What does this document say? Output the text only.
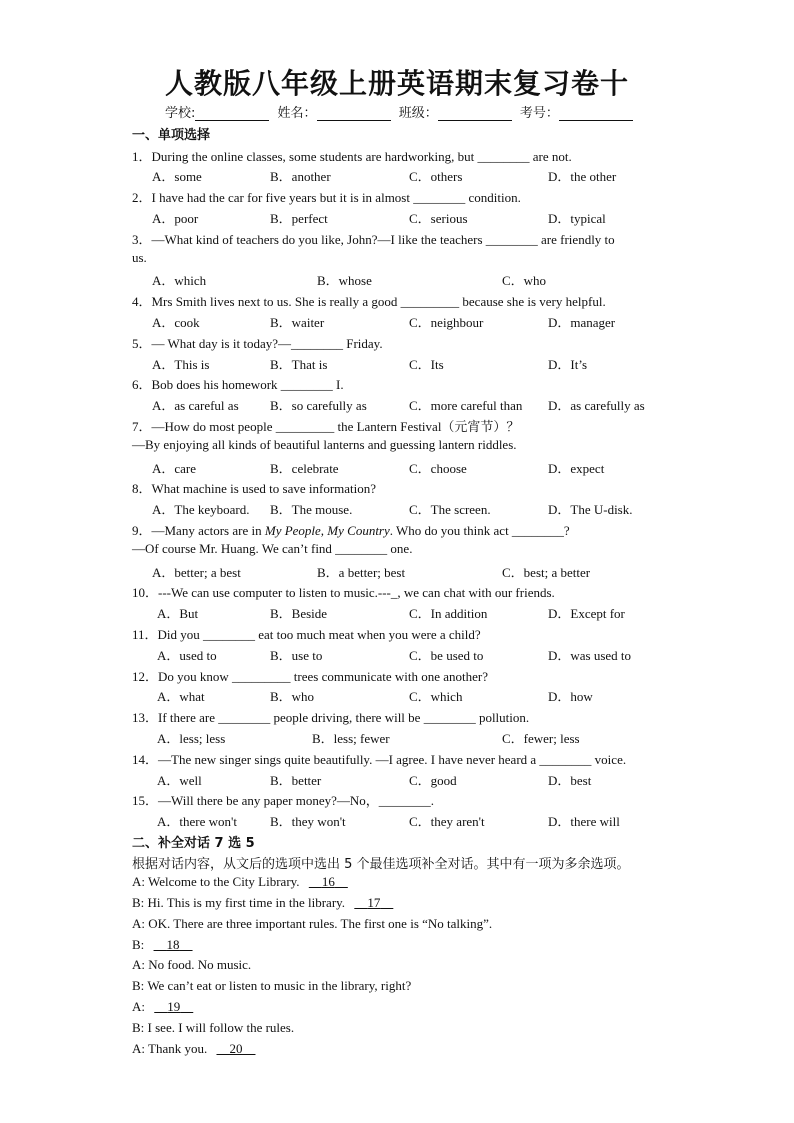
人教版八年级上册英语期末复习卷十
学校:	姓名：	班级：	考号：
一、单项选择
1．During the online classes, some students are hardworking, but ________ are not.
A．some	B．another	C．others	D．the other
2．I have had the car for five years but it is in almost ________ condition.
A．poor	B．perfect	C．serious	D．typical
3．—What kind of teachers do you like, John?—I like the teachers ________ are friendly to
us.
A．which	B．whose	C．who
4．Mrs Smith lives next to us. She is really a good _________ because she is very helpful.
A．cook	B．waiter	C．neighbour	D．manager
5．— What day is it today?—________ Friday.
A．This is	B．That is	C．Its	D．It’s
6．Bob does his homework ________ I.
A．as careful as B．so carefully as	C．more careful than D．as carefully as
7．—How do most people _________ the Lantern Festival（元宵节）？
—By enjoying all kinds of beautiful lanterns and guessing lantern riddles.
A．care	B．celebrate	C．choose	D．expect
8．What machine is used to save information?
A．The keyboard. B．The mouse.	C．The screen.	D．The U-disk.
9．—Many actors are in My People, My Country. Who do you think act ________?
—Of course Mr. Huang. We can’t find ________ one.
A．better; a best	B．a better; best	C．best; a better
10．---We can use computer to listen to music.---_, we can chat with our friends.
A．But	B．Beside	C．In addition	D．Except for
11．Did you ________ eat too much meat when you were a child?
A．used to	B．use to	C．be used to	D．was used to
12．Do you know _________ trees communicate with one another?
A．what	B．who	C．which	D．how
13．If there are ________ people driving, there will be ________ pollution.
A．less; less	B．less; fewer	C．fewer; less
14．—The new singer sings quite beautifully. —I agree. I have never heard a ________ voice.
A．well	B．better	C．good	D．best
15．—Will there be any paper money?—No，________.
A．there won't	B．they won't	C．they aren't	D．there will
二、补全对话 7 选 5
根据对话内容，从文后的选项中选出 5 个最佳选项补全对话。其中有一项为多余选项。
A: Welcome to the City Library. 16
B: Hi. This is my first time in the library. 17
A: OK. There are three important rules. The first one is “No talking”.
B: 18
A: No food. No music.
B: We can’t eat or listen to music in the library, right?
A: 19
B: I see. I will follow the rules.
A: Thank you. 20
